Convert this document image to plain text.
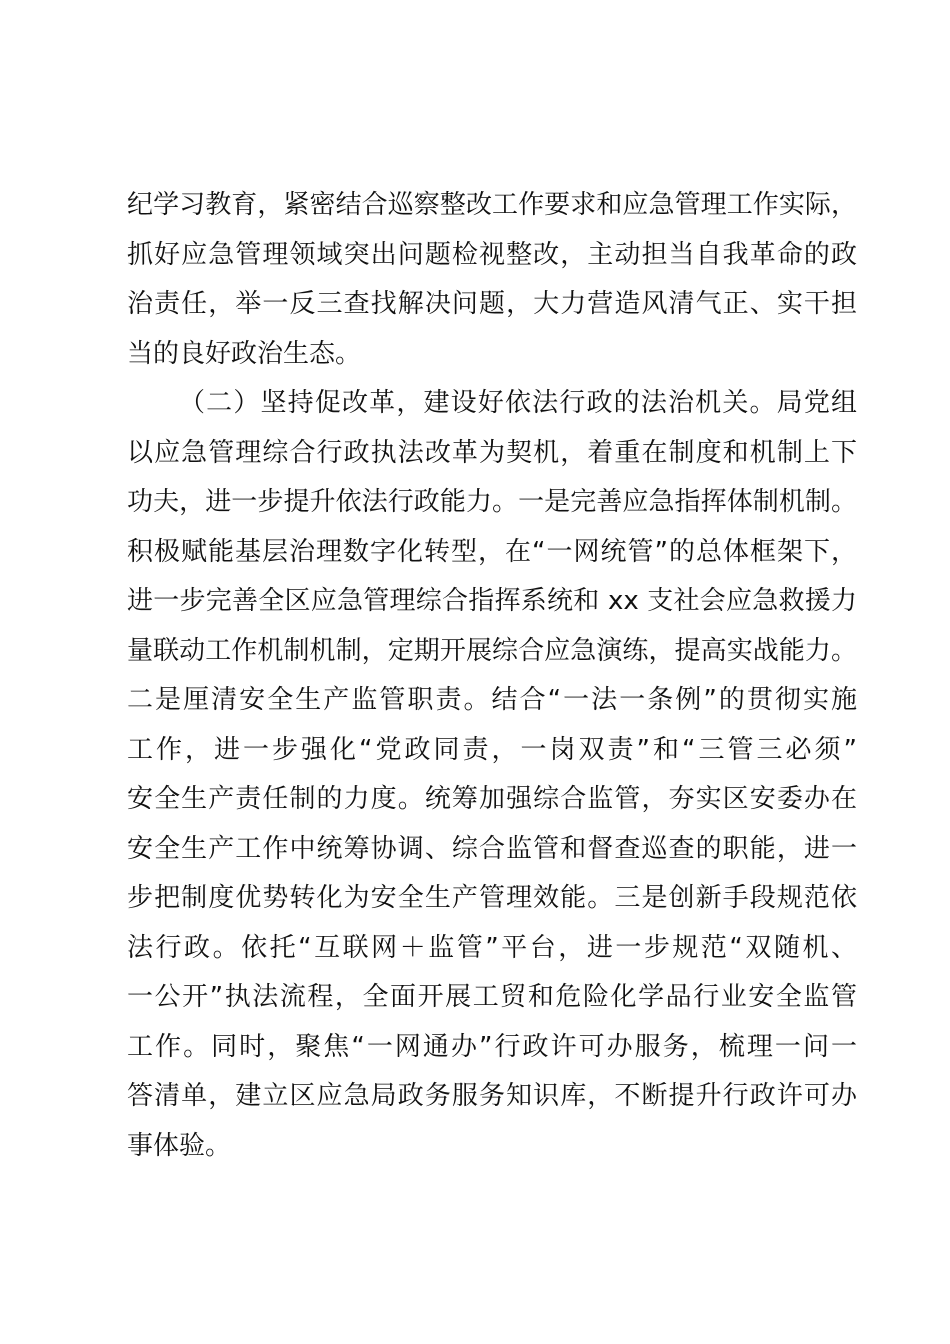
纪学习教育，紧密结合巡察整改工作要求和应急管理工作实际，
抓好应急管理领域突出问题检视整改，主动担当自我革命的政
治责任，举一反三查找解决问题，大力营造风清气正、实干担
当的良好政治生态。
（二）坚持促改革，建设好依法行政的法治机关。局党组
以应急管理综合行政执法改革为契机，着重在制度和机制上下
功夫，进一步提升依法行政能力。一是完善应急指挥体制机制。
积极赋能基层治理数字化转型，在“一网统管”的总体框架下，
进一步完善全区应急管理综合指挥系统和 xx 支社会应急救援力
量联动工作机制机制，定期开展综合应急演练，提高实战能力。
二是厘清安全生产监管职责。结合“一法一条例”的贯彻实施
工作，进一步强化“党政同责，一岗双责”和“三管三必须”
安全生产责任制的力度。统筹加强综合监管，夯实区安委办在
安全生产工作中统筹协调、综合监管和督查巡查的职能，进一
步把制度优势转化为安全生产管理效能。三是创新手段规范依
法行政。依托“互联网＋监管”平台，进一步规范“双随机、
一公开”执法流程，全面开展工贸和危险化学品行业安全监管
工作。同时，聚焦“一网通办”行政许可办服务，梳理一问一
答清单，建立区应急局政务服务知识库，不断提升行政许可办
事体验。
